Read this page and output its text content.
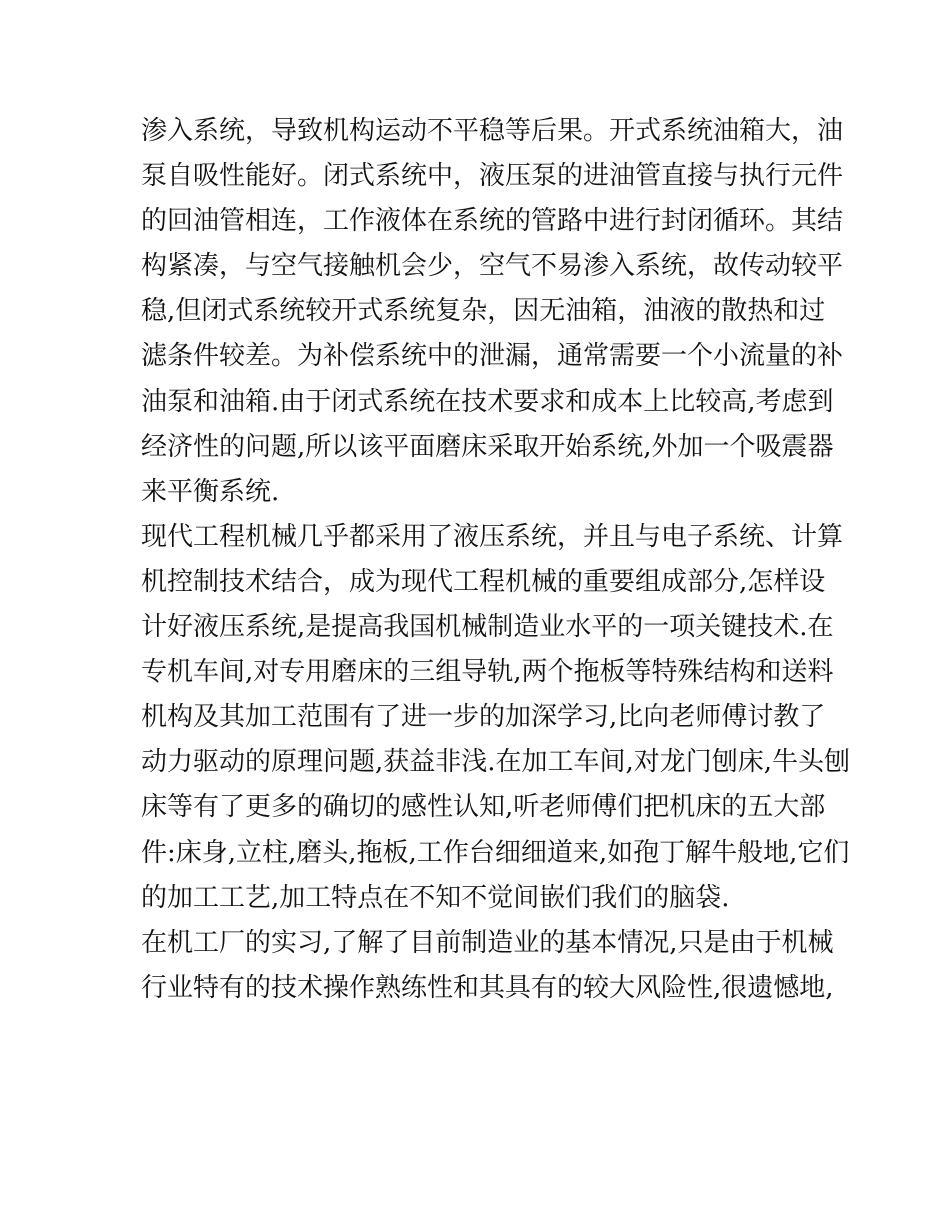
渗入系统，导致机构运动不平稳等后果。开式系统油箱大，油
泵自吸性能好。闭式系统中，液压泵的进油管直接与执行元件
的回油管相连，工作液体在系统的管路中进行封闭循环。其结
构紧凑，与空气接触机会少，空气不易渗入系统，故传动较平
稳,但闭式系统较开式系统复杂，因无油箱，油液的散热和过
滤条件较差。为补偿系统中的泄漏，通常需要一个小流量的补
油泵和油箱.由于闭式系统在技术要求和成本上比较高,考虑到
经济性的问题,所以该平面磨床采取开始系统,外加一个吸震器
来平衡系统.
现代工程机械几乎都采用了液压系统，并且与电子系统、计算
机控制技术结合，成为现代工程机械的重要组成部分,怎样设
计好液压系统,是提高我国机械制造业水平的一项关键技术.在
专机车间,对专用磨床的三组导轨,两个拖板等特殊结构和送料
机构及其加工范围有了进一步的加深学习,比向老师傅讨教了
动力驱动的原理问题,获益非浅.在加工车间,对龙门刨床,牛头刨
床等有了更多的确切的感性认知,听老师傅们把机床的五大部
件:床身,立柱,磨头,拖板,工作台细细道来,如孢丁解牛般地,它们
的加工工艺,加工特点在不知不觉间嵌们我们的脑袋.
在机工厂的实习,了解了目前制造业的基本情况,只是由于机械
行业特有的技术操作熟练性和其具有的较大风险性,很遗憾地,
